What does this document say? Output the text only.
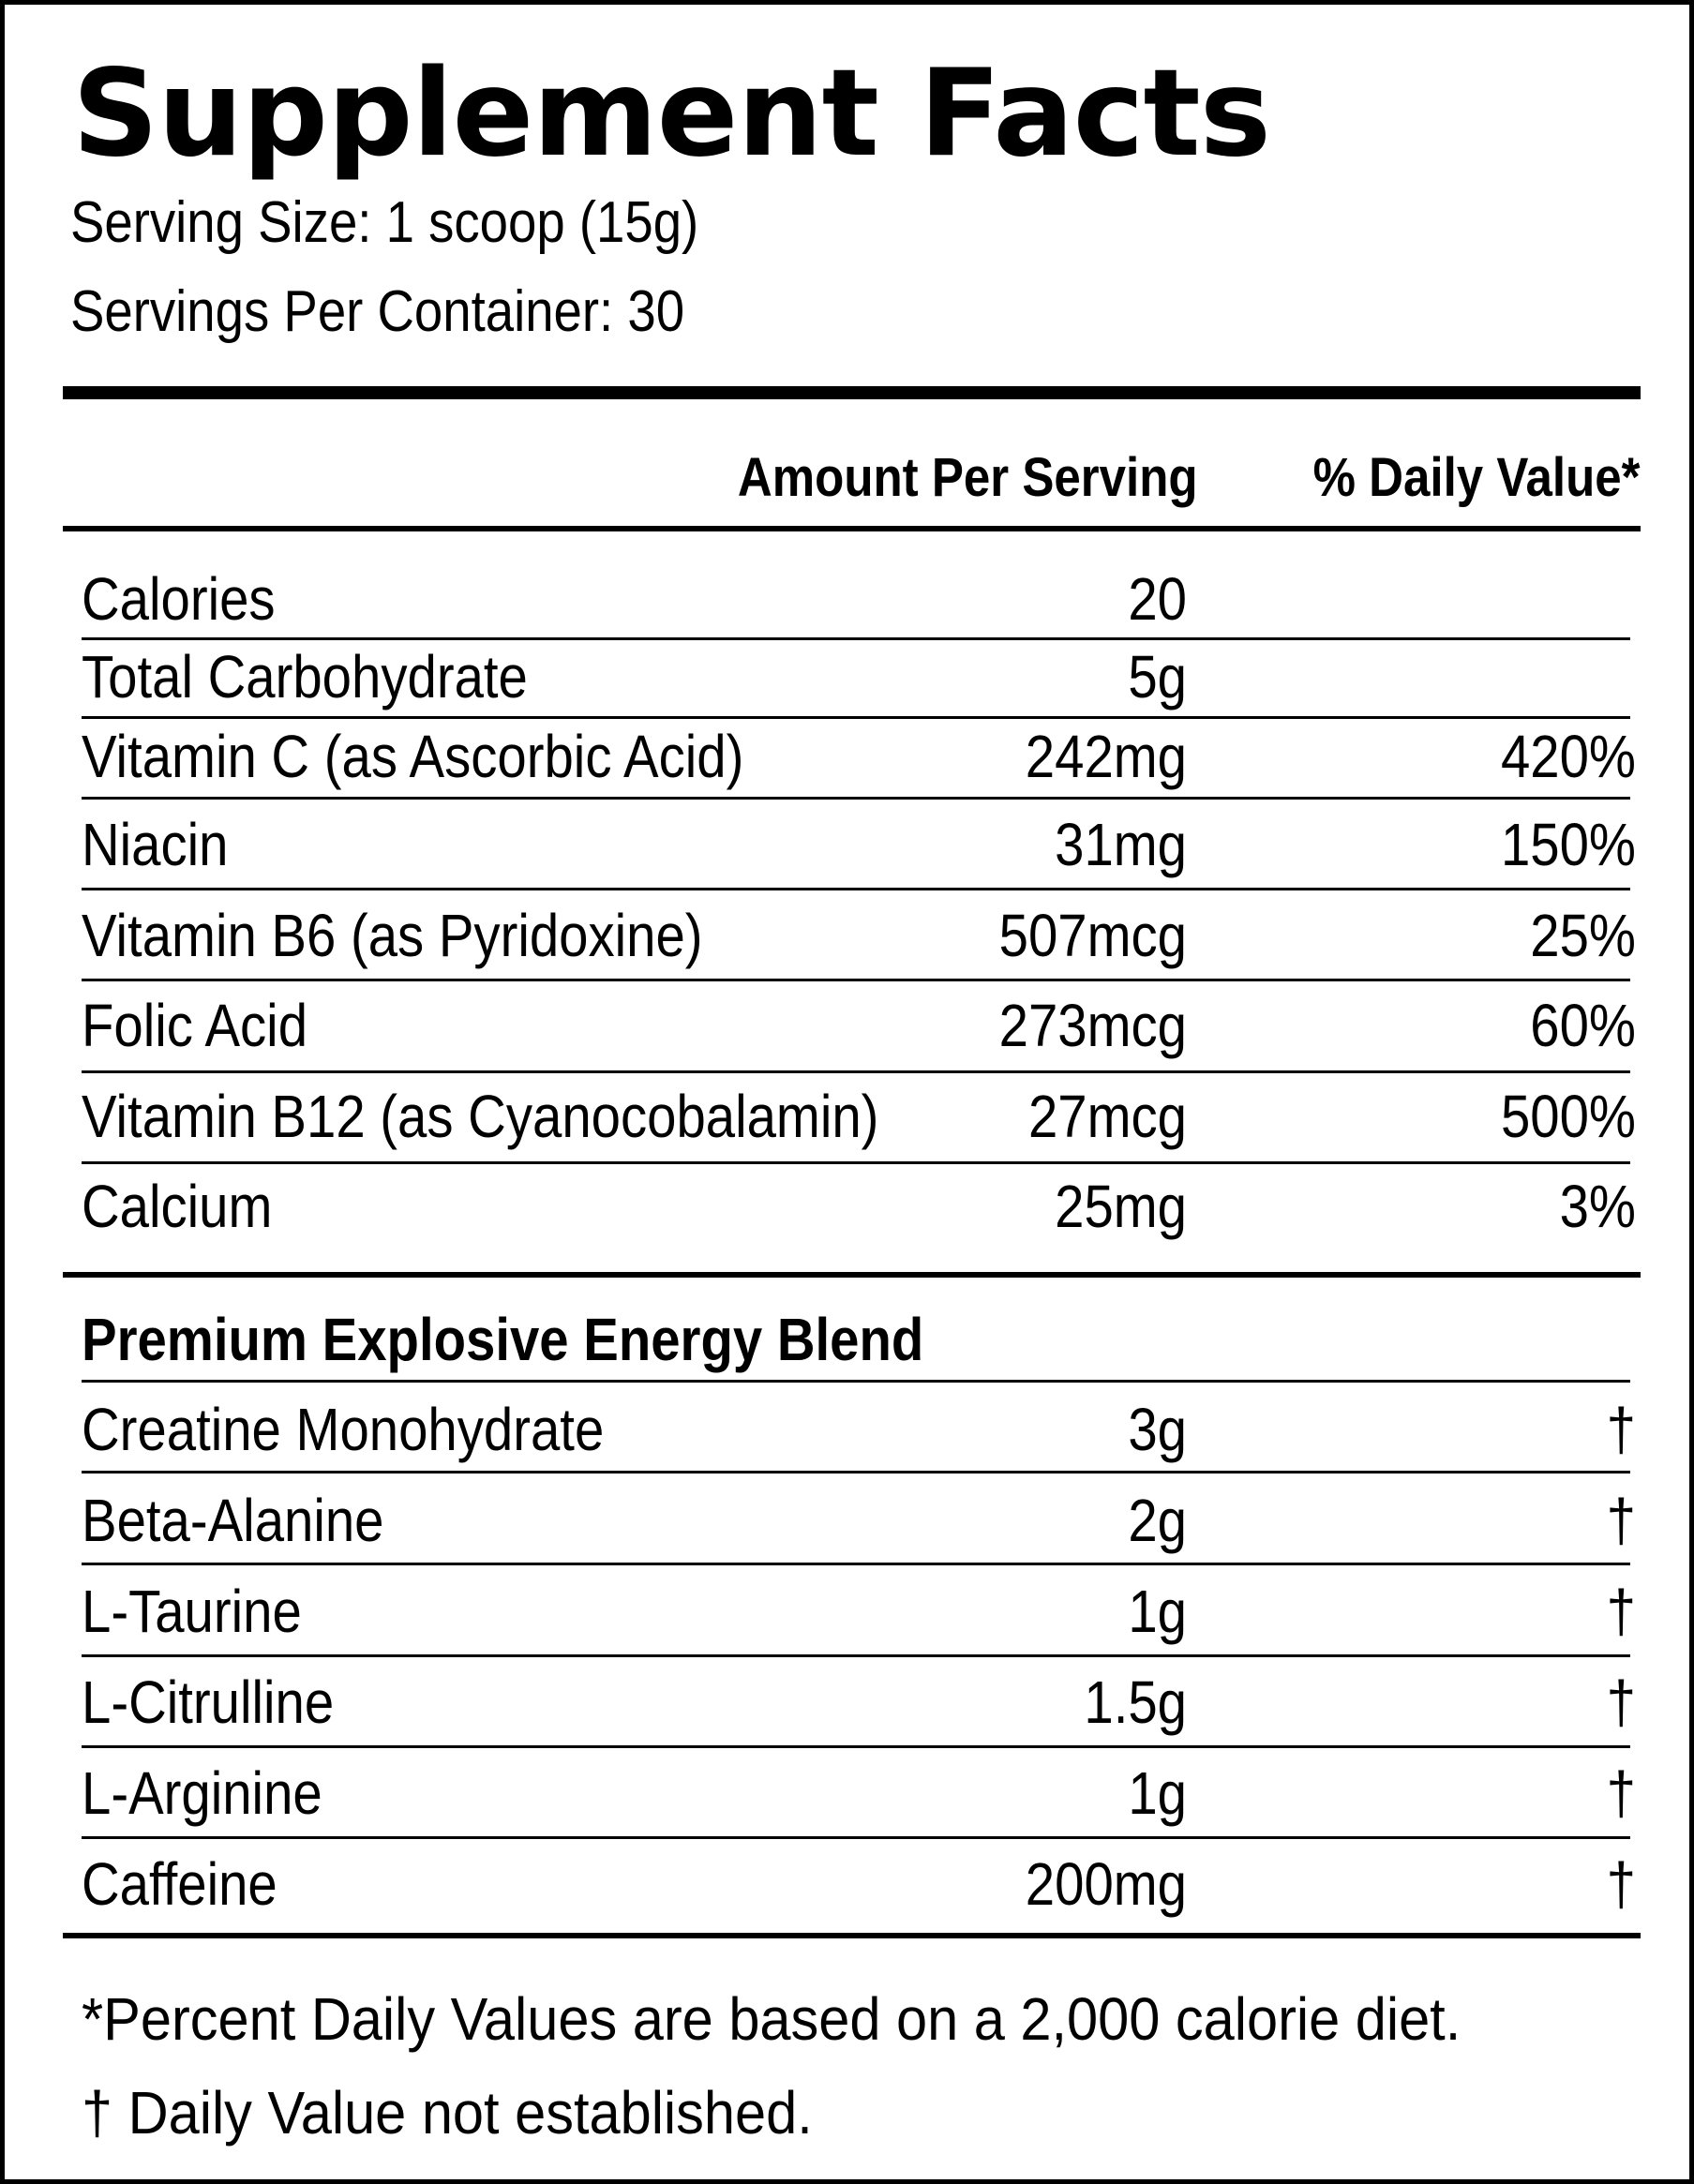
Supplement Facts
Serving Size: 1 scoop (15g)
Servings Per Container: 30
Amount Per Serving % Daily Value*
Calories	20
Total Carbohydrate	5g
Vitamin C (as Ascorbic Acid)	242mg	420%
Niacin	31mg	150%
Vitamin B6 (as Pyridoxine)	507mcg	25%
Folic Acid	273mcg	60%
Vitamin B12 (as Cyanocobalamin)	27mcg	500%
Calcium	25mg	3%
Premium Explosive Energy Blend
Creatine Monohydrate	3g	†
Beta-Alanine	2g	†
L-Taurine	1g	†
L-Citrulline	1.5g	†
L-Arginine	1g	†
Caffeine	200mg	†
*Percent Daily Values are based on a 2,000 calorie diet.
† Daily Value not established.
